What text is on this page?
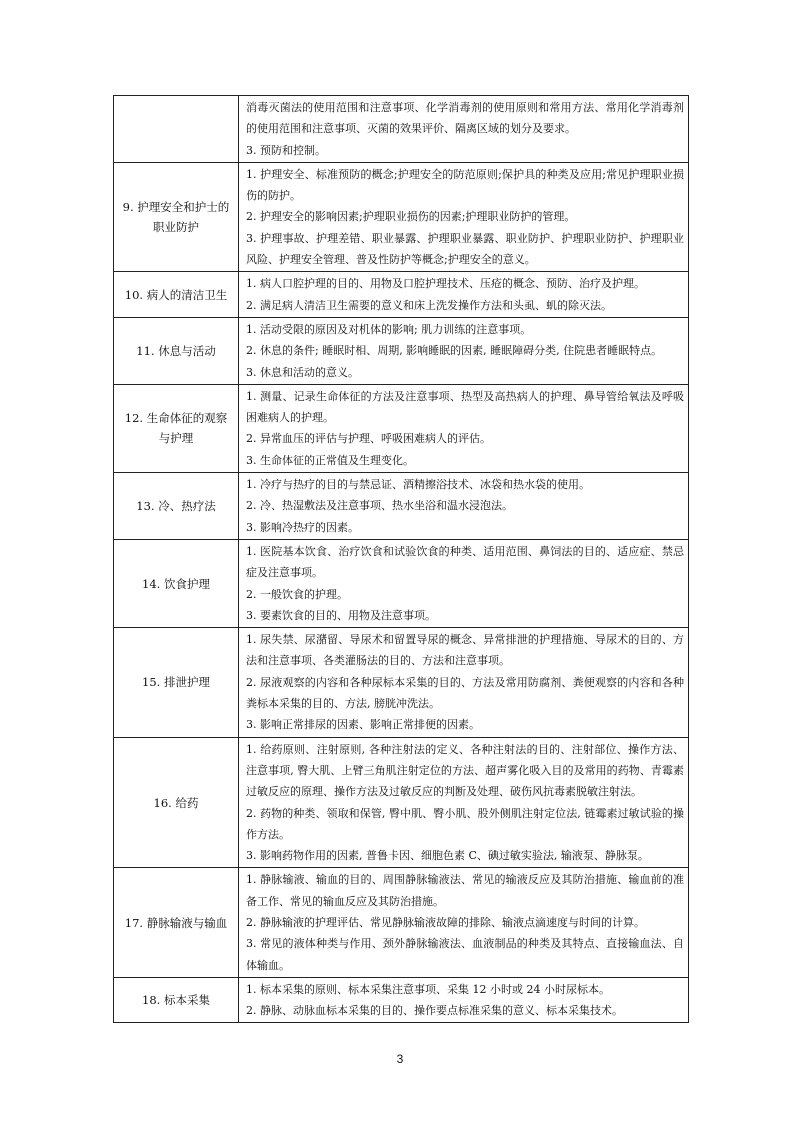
	消毒灭菌法的使用范围和注意事项、化学消毒剂的使用原则和常用方法、常用化学消毒剂的使用范围和注意事项、灭菌的效果评价、隔离区域的划分及要求。
3. 预防和控制。

9. 护理安全和护士的职业防护	1. 护理安全、标准预防的概念;护理安全的防范原则;保护具的种类及应用;常见护理职业损伤的防护。
2. 护理安全的影响因素;护理职业损伤的因素;护理职业防护的管理。
3. 护理事故、护理差错、职业暴露、护理职业暴露、职业防护、护理职业防护、护理职业风险、护理安全管理、普及性防护等概念;护理安全的意义。

10. 病人的清洁卫生	1. 病人口腔护理的目的、用物及口腔护理技术、压疮的概念、预防、治疗及护理。
2. 满足病人清洁卫生需要的意义和床上洗发操作方法和头虱、虮的除灭法。

11. 休息与活动	1. 活动受限的原因及对机体的影响; 肌力训练的注意事项。
2. 休息的条件; 睡眠时相、周期, 影响睡眠的因素, 睡眠障碍分类, 住院患者睡眠特点。
3. 休息和活动的意义。

12. 生命体征的观察与护理	1. 测量、记录生命体征的方法及注意事项、热型及高热病人的护理、鼻导管给氧法及呼吸困难病人的护理。
2. 异常血压的评估与护理、呼吸困难病人的评估。
3. 生命体征的正常值及生理变化。

13. 冷、热疗法	1. 冷疗与热疗的目的与禁忌证、酒精擦浴技术、冰袋和热水袋的使用。
2. 冷、热湿敷法及注意事项、热水坐浴和温水浸泡法。
3. 影响冷热疗的因素。

14. 饮食护理	1. 医院基本饮食、治疗饮食和试验饮食的种类、适用范围、鼻饲法的目的、适应症、禁忌症及注意事项。
2. 一般饮食的护理。
3. 要素饮食的目的、用物及注意事项。

15. 排泄护理	1. 尿失禁、尿潴留、导尿术和留置导尿的概念、异常排泄的护理措施、导尿术的目的、方法和注意事项、各类灌肠法的目的、方法和注意事项。
2. 尿液观察的内容和各种尿标本采集的目的、方法及常用防腐剂、粪便观察的内容和各种粪标本采集的目的、方法, 膀胱冲洗法。
3. 影响正常排尿的因素、影响正常排便的因素。

16. 给药	1. 给药原则、注射原则, 各种注射法的定义、各种注射法的目的、注射部位、操作方法、注意事项, 臀大肌、上臂三角肌注射定位的方法、超声雾化吸入目的及常用的药物、青霉素过敏反应的原理、操作方法及过敏反应的判断及处理、破伤风抗毒素脱敏注射法。
2. 药物的种类、领取和保管, 臀中肌、臀小肌、股外侧肌注射定位法, 链霉素过敏试验的操作方法。
3. 影响药物作用的因素, 普鲁卡因、细胞色素 C、碘过敏实验法, 输液泵、静脉泵。

17. 静脉输液与输血	1. 静脉输液、输血的目的、周围静脉输液法、常见的输液反应及其防治措施、输血前的准备工作、常见的输血反应及其防治措施。
2. 静脉输液的护理评估、常见静脉输液故障的排除、输液点滴速度与时间的计算。
3. 常见的液体种类与作用、颈外静脉输液法、血液制品的种类及其特点、直接输血法、自体输血。

18. 标本采集	1. 标本采集的原则、标本采集注意事项、采集 12 小时或 24 小时尿标本。
2. 静脉、动脉血标本采集的目的、操作要点标准采集的意义、标本采集技术。
3
